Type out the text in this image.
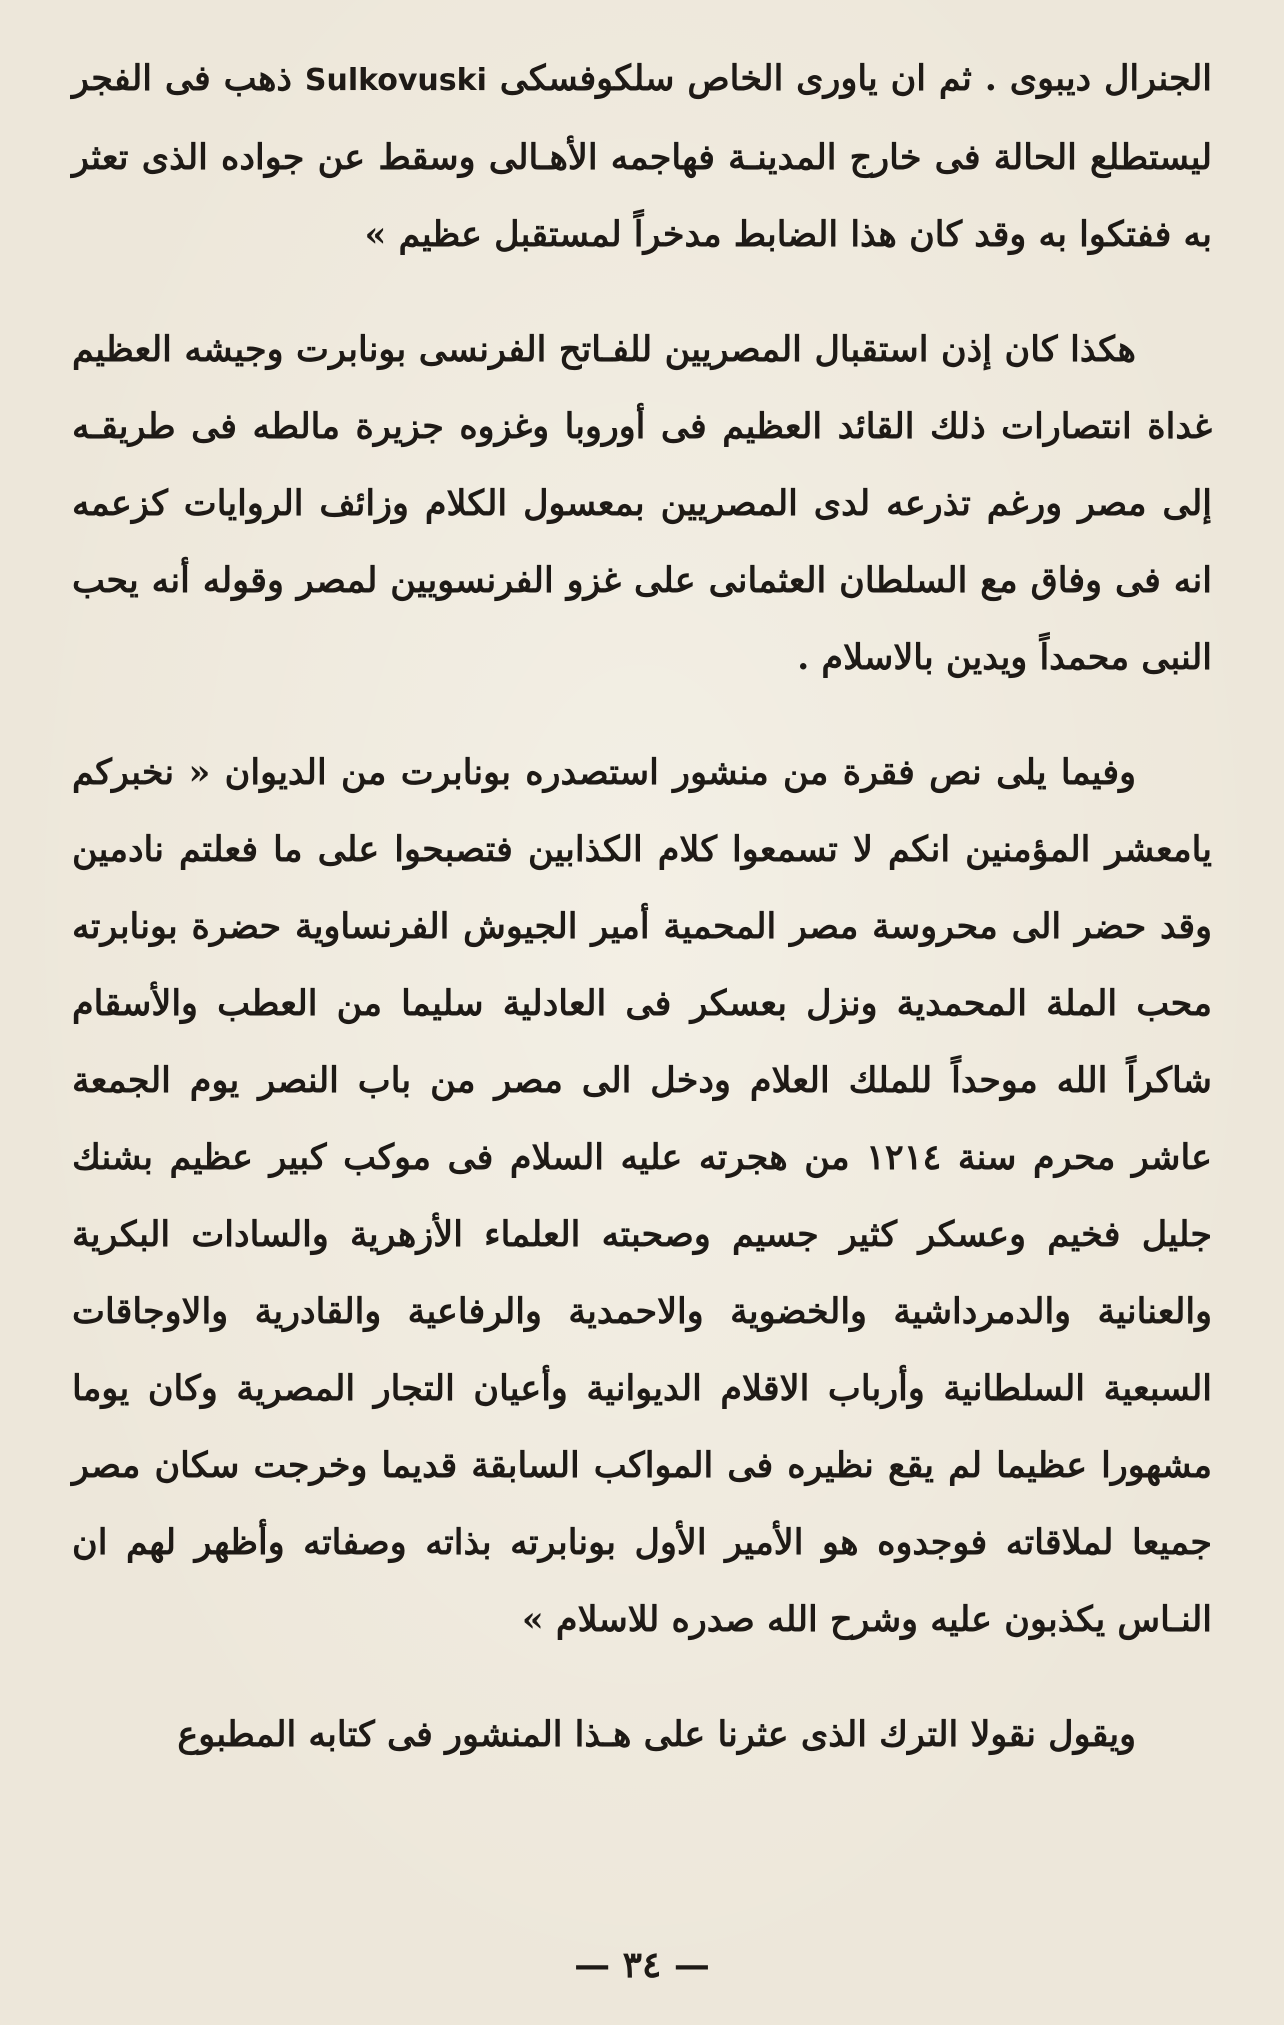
الجنرال ديبوى . ثم ان ياورى الخاص سلكوفسكى Sulkovuski ذهب فى الفجر ليستطلع الحالة فى خارج المدينـة فهاجمه الأهـالى وسقط عن جواده الذى تعثر به ففتكوا به وقد كان هذا الضابط مدخراً لمستقبل عظيم »

هكذا كان إذن استقبال المصريين للفـاتح الفرنسى بونابرت وجيشه العظيم غداة انتصارات ذلك القائد العظيم فى أوروبا وغزوه جزيرة مالطه فى طريقـه إلى مصر ورغم تذرعه لدى المصريين بمعسول الكلام وزائف الروايات كزعمه انه فى وفاق مع السلطان العثمانى على غزو الفرنسويين لمصر وقوله أنه يحب النبى محمداً ويدين بالاسلام .

وفيما يلى نص فقرة من منشور استصدره بونابرت من الديوان « نخبركم يامعشر المؤمنين انكم لا تسمعوا كلام الكذابين فتصبحوا على ما فعلتم نادمين وقد حضر الى محروسة مصر المحمية أمير الجيوش الفرنساوية حضرة بونابرته محب الملة المحمدية ونزل بعسكر فى العادلية سليما من العطب والأسقام شاكراً الله موحداً للملك العلام ودخل الى مصر من باب النصر يوم الجمعة عاشر محرم سنة ١٢١٤ من هجرته عليه السلام فى موكب كبير عظيم بشنك جليل فخيم وعسكر كثير جسيم وصحبته العلماء الأزهرية والسادات البكرية والعنانية والدمرداشية والخضوية والاحمدية والرفاعية والقادرية والاوجاقات السبعية السلطانية وأرباب الاقلام الديوانية وأعيان التجار المصرية وكان يوما مشهورا عظيما لم يقع نظيره فى المواكب السابقة قديما وخرجت سكان مصر جميعا لملاقاته فوجدوه هو الأمير الأول بونابرته بذاته وصفاته وأظهر لهم ان النـاس يكذبون عليه وشرح الله صدره للاسلام »

ويقول نقولا الترك الذى عثرنا على هـذا المنشور فى كتابه المطبوع

— ٣٤ —
